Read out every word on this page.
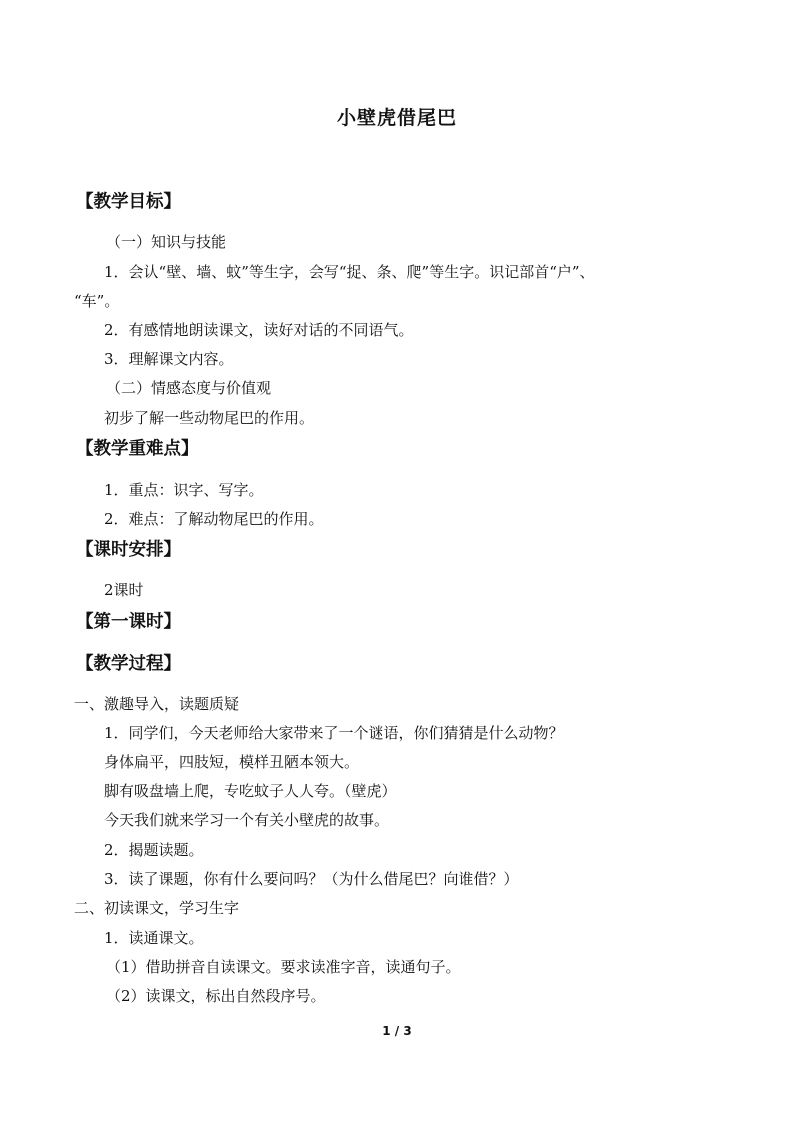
小壁虎借尾巴
【教学目标】
（一）知识与技能
1．会认“壁、墙、蚊”等生字，会写“捉、条、爬”等生字。识记部首“户”、
“车”。
2．有感情地朗读课文，读好对话的不同语气。
3．理解课文内容。
（二）情感态度与价值观
初步了解一些动物尾巴的作用。
【教学重难点】
1．重点：识字、写字。
2．难点：了解动物尾巴的作用。
【课时安排】
2课时
【第一课时】
【教学过程】
一、激趣导入，读题质疑
1．同学们，今天老师给大家带来了一个谜语，你们猜猜是什么动物？
身体扁平，四肢短，模样丑陋本领大。
脚有吸盘墙上爬，专吃蚊子人人夸。（壁虎）
今天我们就来学习一个有关小壁虎的故事。
2．揭题读题。
3．读了课题，你有什么要问吗？（为什么借尾巴？向谁借？）
二、初读课文，学习生字
1．读通课文。
（1）借助拼音自读课文。要求读准字音，读通句子。
（2）读课文，标出自然段序号。
1 / 3
